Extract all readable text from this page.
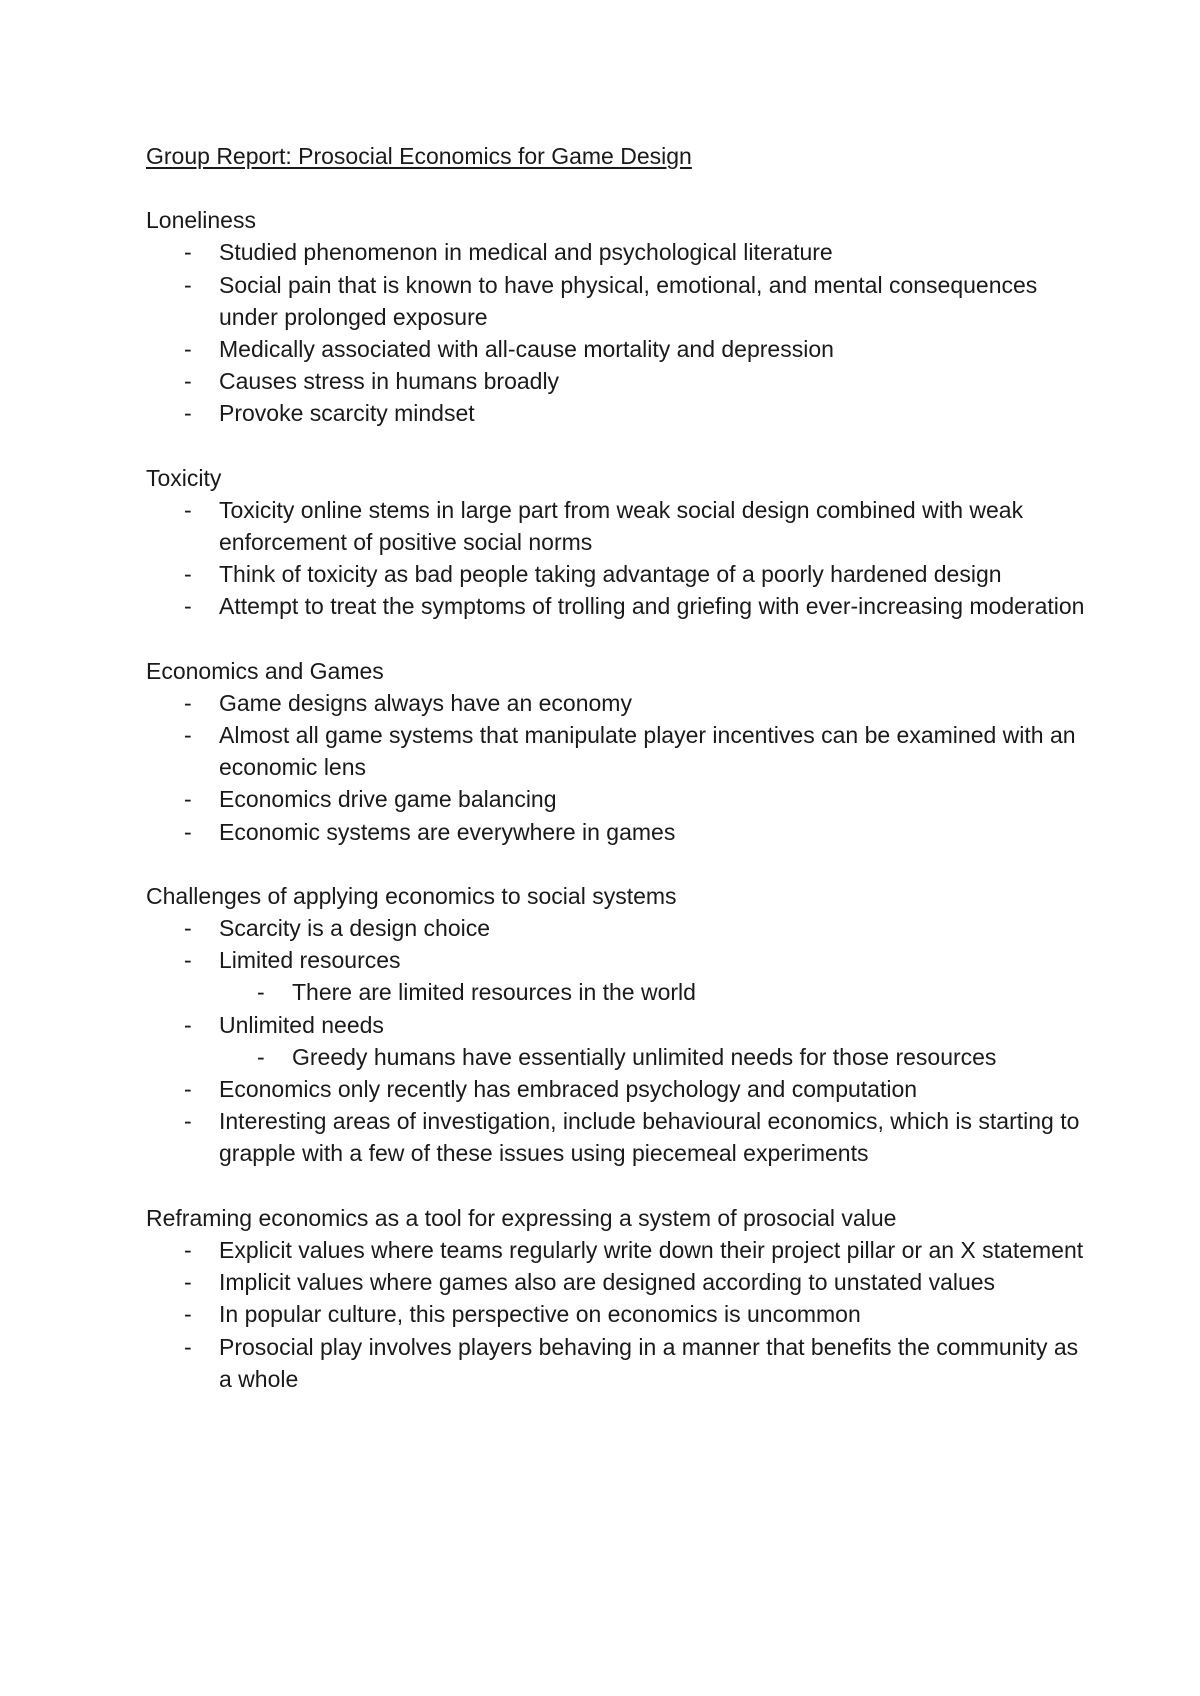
Group Report: Prosocial Economics for Game Design
Loneliness
- Studied phenomenon in medical and psychological literature
- Social pain that is known to have physical, emotional, and mental consequences under prolonged exposure
- Medically associated with all-cause mortality and depression
- Causes stress in humans broadly
- Provoke scarcity mindset
Toxicity
- Toxicity online stems in large part from weak social design combined with weak enforcement of positive social norms
- Think of toxicity as bad people taking advantage of a poorly hardened design
- Attempt to treat the symptoms of trolling and griefing with ever-increasing moderation
Economics and Games
- Game designs always have an economy
- Almost all game systems that manipulate player incentives can be examined with an economic lens
- Economics drive game balancing
- Economic systems are everywhere in games
Challenges of applying economics to social systems
- Scarcity is a design choice
- Limited resources
- There are limited resources in the world
- Unlimited needs
- Greedy humans have essentially unlimited needs for those resources
- Economics only recently has embraced psychology and computation
- Interesting areas of investigation, include behavioural economics, which is starting to grapple with a few of these issues using piecemeal experiments
Reframing economics as a tool for expressing a system of prosocial value
- Explicit values where teams regularly write down their project pillar or an X statement
- Implicit values where games also are designed according to unstated values
- In popular culture, this perspective on economics is uncommon
- Prosocial play involves players behaving in a manner that benefits the community as a whole
